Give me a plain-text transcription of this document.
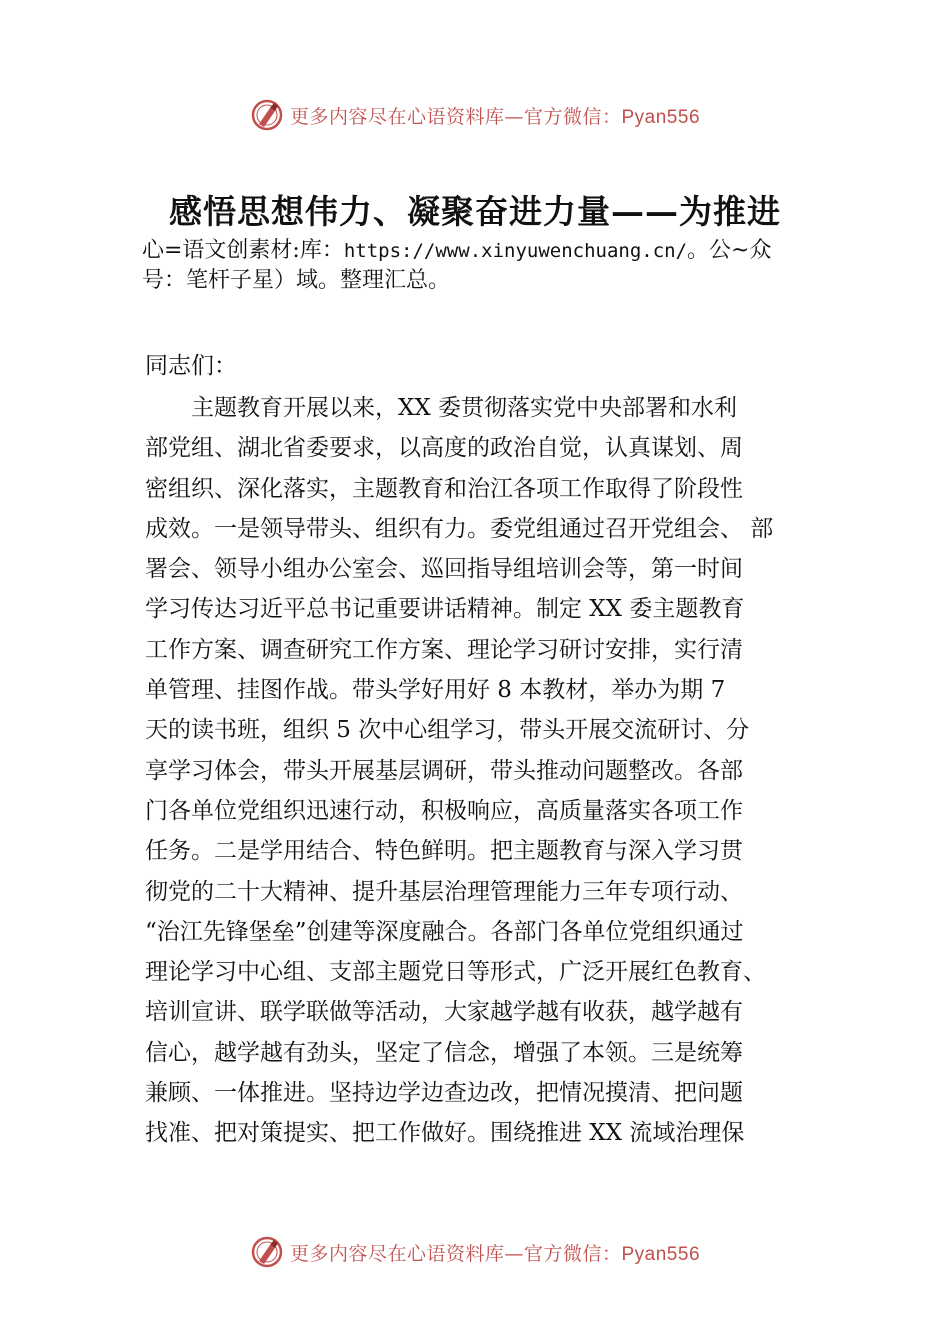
更多内容尽在心语资料库—官方微信：Pyan556
感悟思想伟力、凝聚奋进力量——为推进

心=语文创素材:库：https://www.xinyuwenchuang.cn/。公~众
号：笔杆子星）域。整理汇总。

同志们：

　　主题教育开展以来，XX 委贯彻落实党中央部署和水利
部党组、湖北省委要求，以高度的政治自觉，认真谋划、周
密组织、深化落实，主题教育和治江各项工作取得了阶段性
成效。一是领导带头、组织有力。委党组通过召开党组会、 部
署会、领导小组办公室会、巡回指导组培训会等，第一时间
学习传达习近平总书记重要讲话精神。制定 XX 委主题教育
工作方案、调查研究工作方案、理论学习研讨安排，实行清
单管理、挂图作战。带头学好用好 8 本教材，举办为期 7
天的读书班，组织 5 次中心组学习，带头开展交流研讨、分
享学习体会，带头开展基层调研，带头推动问题整改。各部
门各单位党组织迅速行动，积极响应，高质量落实各项工作
任务。二是学用结合、特色鲜明。把主题教育与深入学习贯
彻党的二十大精神、提升基层治理管理能力三年专项行动、
“治江先锋堡垒”创建等深度融合。各部门各单位党组织通过
理论学习中心组、支部主题党日等形式，广泛开展红色教育、
培训宣讲、联学联做等活动，大家越学越有收获，越学越有
信心，越学越有劲头，坚定了信念，增强了本领。三是统筹
兼顾、一体推进。坚持边学边查边改，把情况摸清、把问题
找准、把对策提实、把工作做好。围绕推进 XX 流域治理保
更多内容尽在心语资料库—官方微信：Pyan556
